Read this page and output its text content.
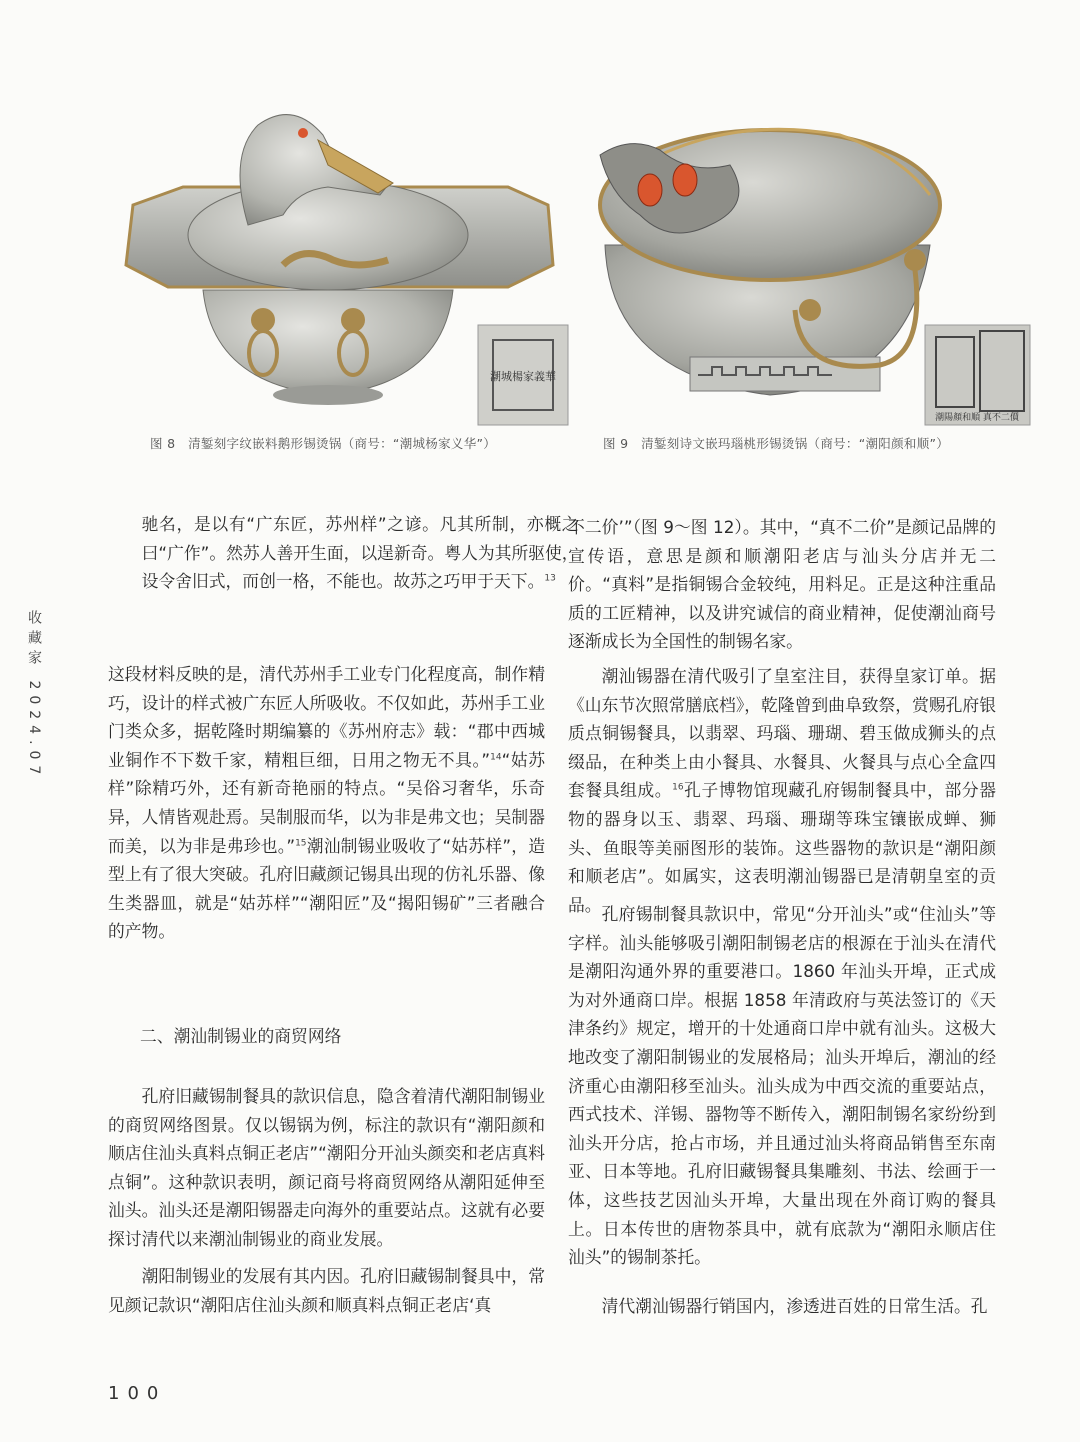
潮城楊家義華
潮陽顏和順 真不二價
图 8　清錾刻字纹嵌料鹅形锡烫锅（商号：“潮城杨家义华”）	图 9　清錾刻诗文嵌玛瑙桃形锡烫锅（商号：“潮阳颜和顺”）
收藏家 2024.07

驰名，是以有“广东匠，苏州样”之谚。凡其所制，亦概之曰“广作”。然苏人善开生面，以逞新奇。粤人为其所驱使，设令舍旧式，而创一格，不能也。故苏之巧甲于天下。$^{13}$

这段材料反映的是，清代苏州手工业专门化程度高，制作精巧，设计的样式被广东匠人所吸收。不仅如此，苏州手工业门类众多，据乾隆时期编纂的《苏州府志》载：“郡中西城业铜作不下数千家，精粗巨细，日用之物无不具。”$^{14}$“姑苏样”除精巧外，还有新奇艳丽的特点。“吴俗习奢华，乐奇异，人情皆观赴焉。吴制服而华，以为非是弗文也；吴制器而美，以为非是弗珍也。”$^{15}$潮汕制锡业吸收了“姑苏样”，造型上有了很大突破。孔府旧藏颜记锡具出现的仿礼乐器、像生类器皿，就是“姑苏样”“潮阳匠”及“揭阳锡矿”三者融合的产物。

二、潮汕制锡业的商贸网络

孔府旧藏锡制餐具的款识信息，隐含着清代潮阳制锡业的商贸网络图景。仅以锡锅为例，标注的款识有“潮阳颜和顺店住汕头真料点铜正老店”“潮阳分开汕头颜奕和老店真料点铜”。这种款识表明，颜记商号将商贸网络从潮阳延伸至汕头。汕头还是潮阳锡器走向海外的重要站点。这就有必要探讨清代以来潮汕制锡业的商业发展。

潮阳制锡业的发展有其内因。孔府旧藏锡制餐具中，常见颜记款识“潮阳店住汕头颜和顺真料点铜正老店‘真

不二价’”（图 9～图 12）。其中，“真不二价”是颜记品牌的宣传语，意思是颜和顺潮阳老店与汕头分店并无二价。“真料”是指铜锡合金较纯，用料足。正是这种注重品质的工匠精神，以及讲究诚信的商业精神，促使潮汕商号逐渐成长为全国性的制锡名家。

潮汕锡器在清代吸引了皇室注目，获得皇家订单。据《山东节次照常膳底档》，乾隆曾到曲阜致祭，赏赐孔府银质点铜锡餐具，以翡翠、玛瑙、珊瑚、碧玉做成狮头的点缀品，在种类上由小餐具、水餐具、火餐具与点心全盒四套餐具组成。$^{16}$孔子博物馆现藏孔府锡制餐具中，部分器物的器身以玉、翡翠、玛瑙、珊瑚等珠宝镶嵌成蝉、狮头、鱼眼等美丽图形的装饰。这些器物的款识是“潮阳颜和顺老店”。如属实，这表明潮汕锡器已是清朝皇室的贡品。 孔府锡制餐具款识中，常见“分开汕头”或“住汕头”等字样。汕头能够吸引潮阳制锡老店的根源在于汕头在清代是潮阳沟通外界的重要港口。1860 年汕头开埠，正式成为对外通商口岸。根据 1858 年清政府与英法签订的《天津条约》规定，增开的十处通商口岸中就有汕头。这极大地改变了潮阳制锡业的发展格局；汕头开埠后，潮汕的经济重心由潮阳移至汕头。汕头成为中西交流的重要站点，西式技术、洋锡、器物等不断传入，潮阳制锡名家纷纷到汕头开分店，抢占市场，并且通过汕头将商品销售至东南亚、日本等地。孔府旧藏锡餐具集雕刻、书法、绘画于一体，这些技艺因汕头开埠，大量出现在外商订购的餐具上。日本传世的唐物茶具中，就有底款为“潮阳永顺店住汕头”的锡制茶托。

清代潮汕锡器行销国内，渗透进百姓的日常生活。孔

100
